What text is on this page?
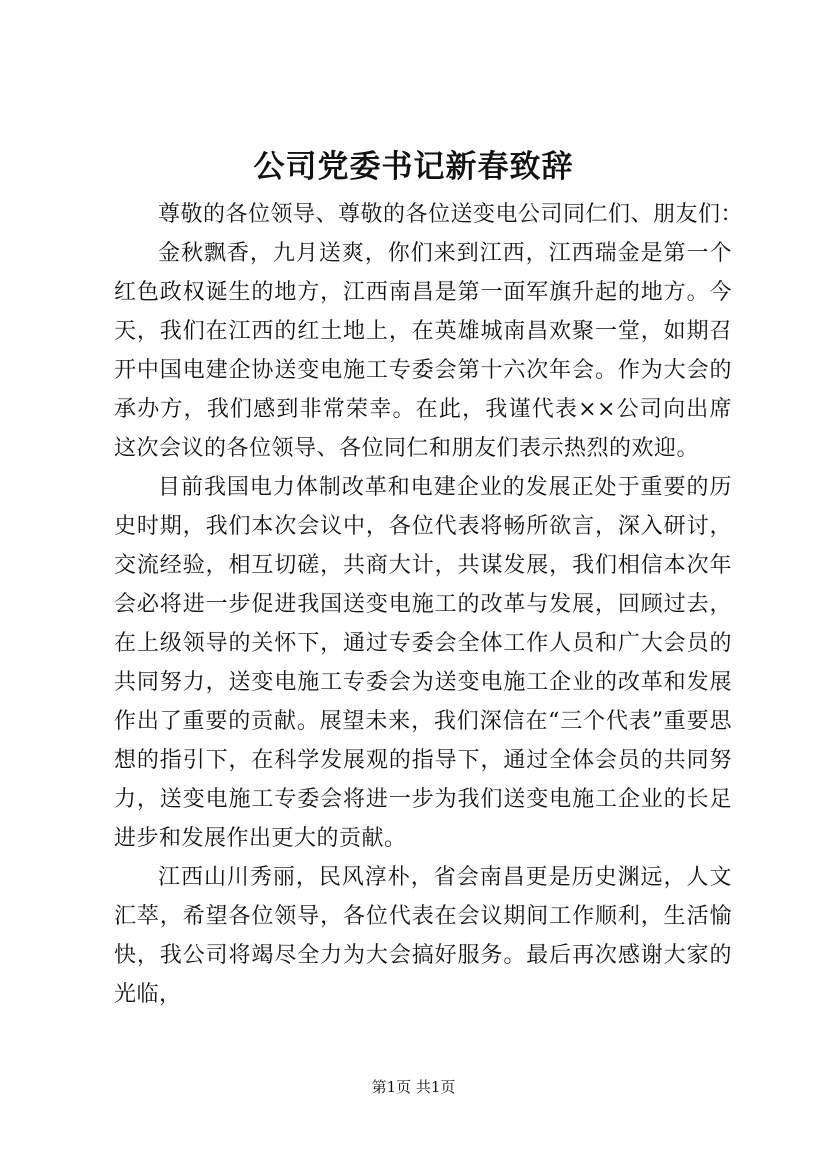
公司党委书记新春致辞

尊敬的各位领导、尊敬的各位送变电公司同仁们、朋友们：

金秋飘香，九月送爽，你们来到江西，江西瑞金是第一个红色政权诞生的地方，江西南昌是第一面军旗升起的地方。今天，我们在江西的红土地上，在英雄城南昌欢聚一堂，如期召开中国电建企协送变电施工专委会第十六次年会。作为大会的承办方，我们感到非常荣幸。在此，我谨代表××公司向出席这次会议的各位领导、各位同仁和朋友们表示热烈的欢迎。

目前我国电力体制改革和电建企业的发展正处于重要的历史时期，我们本次会议中，各位代表将畅所欲言，深入研讨，交流经验，相互切磋，共商大计，共谋发展，我们相信本次年会必将进一步促进我国送变电施工的改革与发展，回顾过去，在上级领导的关怀下，通过专委会全体工作人员和广大会员的共同努力，送变电施工专委会为送变电施工企业的改革和发展作出了重要的贡献。展望未来，我们深信在“三个代表”重要思想的指引下，在科学发展观的指导下，通过全体会员的共同努力，送变电施工专委会将进一步为我们送变电施工企业的长足进步和发展作出更大的贡献。

江西山川秀丽，民风淳朴，省会南昌更是历史渊远，人文汇萃，希望各位领导，各位代表在会议期间工作顺利，生活愉快，我公司将竭尽全力为大会搞好服务。最后再次感谢大家的光临，

第1页 共1页
